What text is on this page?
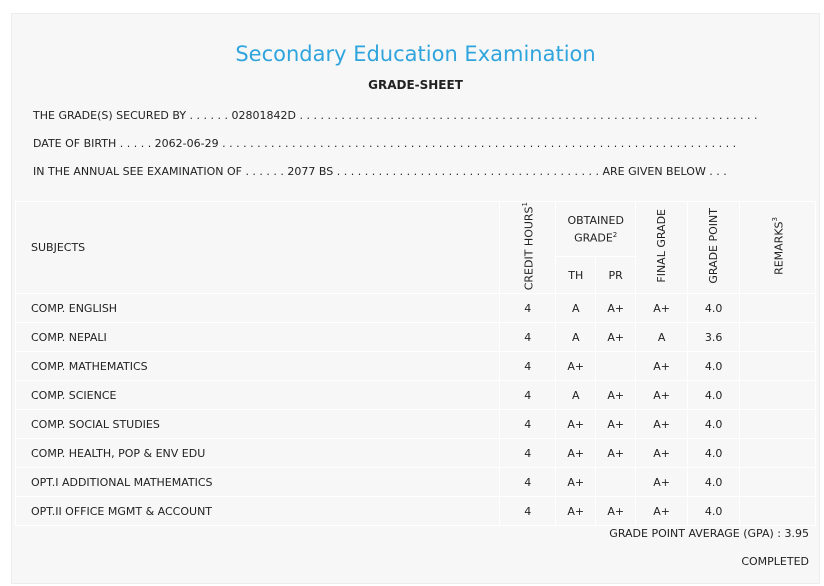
Secondary Education Examination
GRADE-SHEET
THE GRADE(S) SECURED BY . . . . . . 02801842D . . . . . . . . . . . . . . . . . . . . . . . . . . . . . . . . . . . . . . . . . . . . . . . . . . . . . . . . . . . . . . . . . .
DATE OF BIRTH . . . . . 2062-06-29 . . . . . . . . . . . . . . . . . . . . . . . . . . . . . . . . . . . . . . . . . . . . . . . . . . . . . . . . . . . . . . . . . . . . . . . . . .
IN THE ANNUAL SEE EXAMINATION OF . . . . . . 2077 BS . . . . . . . . . . . . . . . . . . . . . . . . . . . . . . . . . . . . . . ARE GIVEN BELOW . . .
SUBJECTS	CREDIT HOURS$^1$	OBTAINED GRADE$^2$		FINAL GRADE	GRADE POINT	REMARKS$^3$
		TH	PR			
COMP. ENGLISH	4	A	A+	A+	4.0	
COMP. NEPALI	4	A	A+	A	3.6	
COMP. MATHEMATICS	4	A+		A+	4.0	
COMP. SCIENCE	4	A	A+	A+	4.0	
COMP. SOCIAL STUDIES	4	A+	A+	A+	4.0	
COMP. HEALTH, POP & ENV EDU	4	A+	A+	A+	4.0	
OPT.I ADDITIONAL MATHEMATICS	4	A+		A+	4.0	
OPT.II OFFICE MGMT & ACCOUNT	4	A+	A+	A+	4.0	
GRADE POINT AVERAGE (GPA) : 3.95
COMPLETED
